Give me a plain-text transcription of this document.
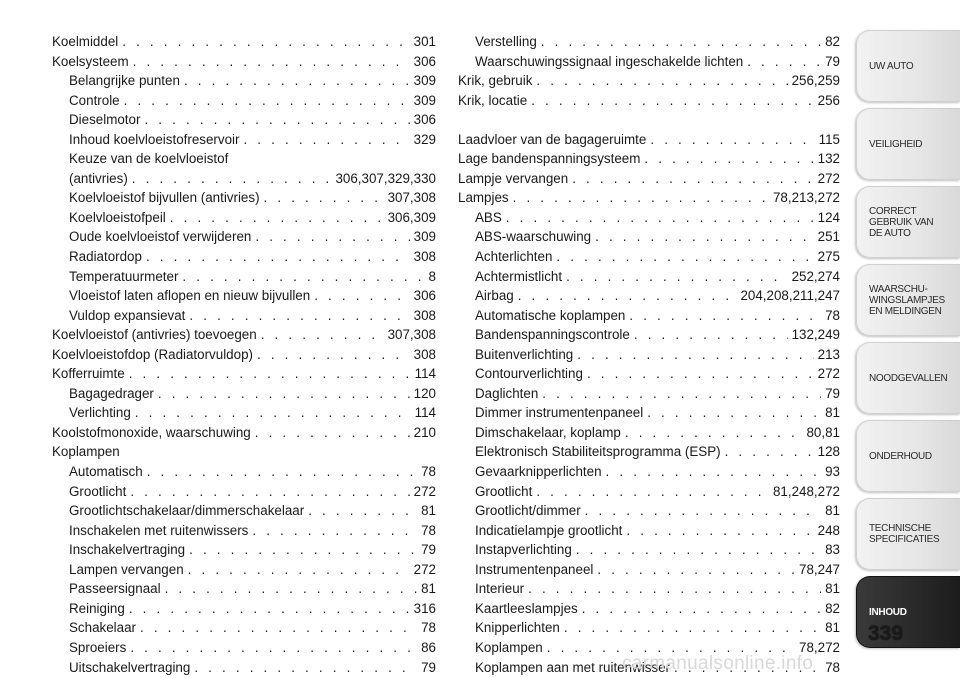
Koelmiddel . . .	301
Koelsysteem . . .	306
Belangrijke punten . . .	309
Controle . . .	309
Dieselmotor . . .	306
Inhoud koelvloeistofreservoir . . .	329
Keuze van de koelvloeistof
(antivries) . . .	306,307,329,330
Koelvloeistof bijvullen (antivries) . . .	307,308
Koelvloeistofpeil . . .	306,309
Oude koelvloeistof verwijderen . . .	309
Radiatordop . . .	308
Temperatuurmeter . . .	8
Vloeistof laten aflopen en nieuw bijvullen . . .	306
Vuldop expansievat . . .	308
Koelvloeistof (antivries) toevoegen . . .	307,308
Koelvloeistofdop (Radiatorvuldop) . . .	308
Kofferruimte . . .	114
Bagagedrager . . .	120
Verlichting . . .	114
Koolstofmonoxide, waarschuwing . . .	210
Koplampen
Automatisch . . .	78
Grootlicht . . .	272
Grootlichtschakelaar/dimmerschakelaar . . .	81
Inschakelen met ruitenwissers . . .	78
Inschakelvertraging . . .	79
Lampen vervangen . . .	272
Passeersignaal . . .	81
Reiniging . . .	316
Schakelaar . . .	78
Sproeiers . . .	86
Uitschakelvertraging . . .	79
Verstelling . . .	82
Waarschuwingssignaal ingeschakelde lichten . . .	79
Krik, gebruik . . .	256,259
Krik, locatie . . .	256
Laadvloer van de bagageruimte . . .	115
Lage bandenspanningsysteem . . .	132
Lampje vervangen . . .	272
Lampjes . . .	78,213,272
ABS . . .	124
ABS-waarschuwing . . .	251
Achterlichten . . .	275
Achtermistlicht . . .	252,274
Airbag . . .	204,208,211,247
Automatische koplampen . . .	78
Bandenspanningscontrole . . .	132,249
Buitenverlichting . . .	213
Contourverlichting . . .	272
Daglichten . . .	79
Dimmer instrumentenpaneel . . .	81
Dimschakelaar, koplamp . . .	80,81
Elektronisch Stabiliteitsprogramma (ESP) . . .	128
Gevaarknipperlichten . . .	93
Grootlicht . . .	81,248,272
Grootlicht/dimmer . . .	81
Indicatielampje grootlicht . . .	248
Instapverlichting . . .	83
Instrumentenpaneel . . .	78,247
Interieur . . .	81
Kaartleeslampjes . . .	82
Knipperlichten . . .	81
Koplampen . . .	78,272
Koplampen aan met ruitenwisser . . .	78
UW AUTO
VEILIGHEID
CORRECT
GEBRUIK VAN
DE AUTO
WAARSCHU-
WINGSLAMPJES
EN MELDINGEN
NOODGEVALLEN
ONDERHOUD
TECHNISCHE
SPECIFICATIES
INHOUD
339
carmanualsonline.info
